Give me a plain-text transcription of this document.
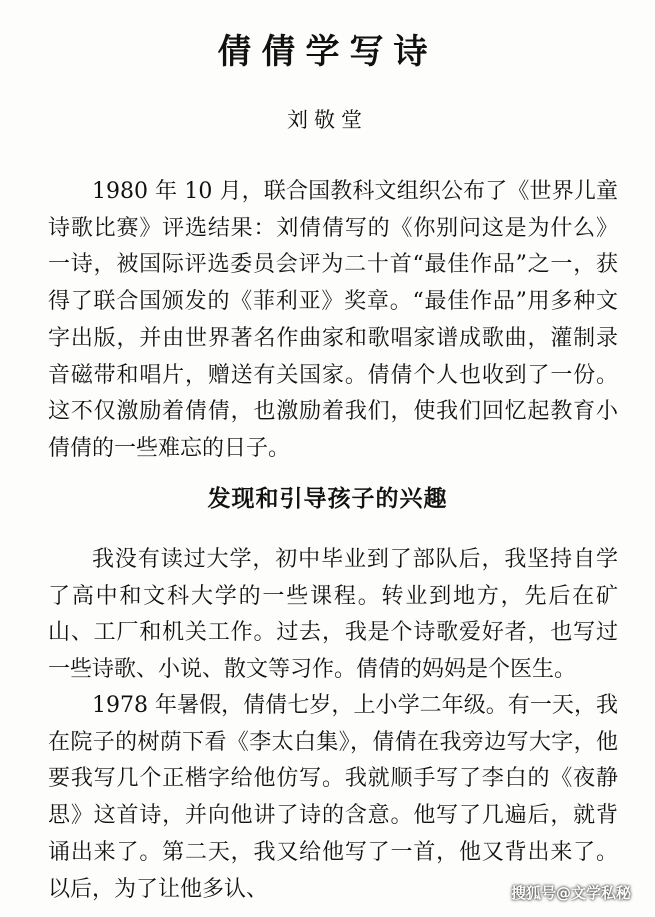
倩倩学写诗
刘敬堂

1980 年 10 月，联合国教科文组织公布了《世界儿童诗歌比赛》评选结果：刘倩倩写的《你别问这是为什么》一诗，被国际评选委员会评为二十首“最佳作品”之一，获得了联合国颁发的《菲利亚》奖章。“最佳作品”用多种文字出版，并由世界著名作曲家和歌唱家谱成歌曲，灌制录音磁带和唱片，赠送有关国家。倩倩个人也收到了一份。这不仅激励着倩倩，也激励着我们，使我们回忆起教育小倩倩的一些难忘的日子。

发现和引导孩子的兴趣

我没有读过大学，初中毕业到了部队后，我坚持自学了高中和文科大学的一些课程。转业到地方，先后在矿山、工厂和机关工作。过去，我是个诗歌爱好者，也写过一些诗歌、小说、散文等习作。倩倩的妈妈是个医生。

1978 年暑假，倩倩七岁，上小学二年级。有一天，我在院子的树荫下看《李太白集》，倩倩在我旁边写大字，他要我写几个正楷字给他仿写。我就顺手写了李白的《夜静思》这首诗，并向他讲了诗的含意。他写了几遍后，就背诵出来了。第二天，我又给他写了一首，他又背出来了。以后，为了让他多认、	搜狐号@文学私秘
